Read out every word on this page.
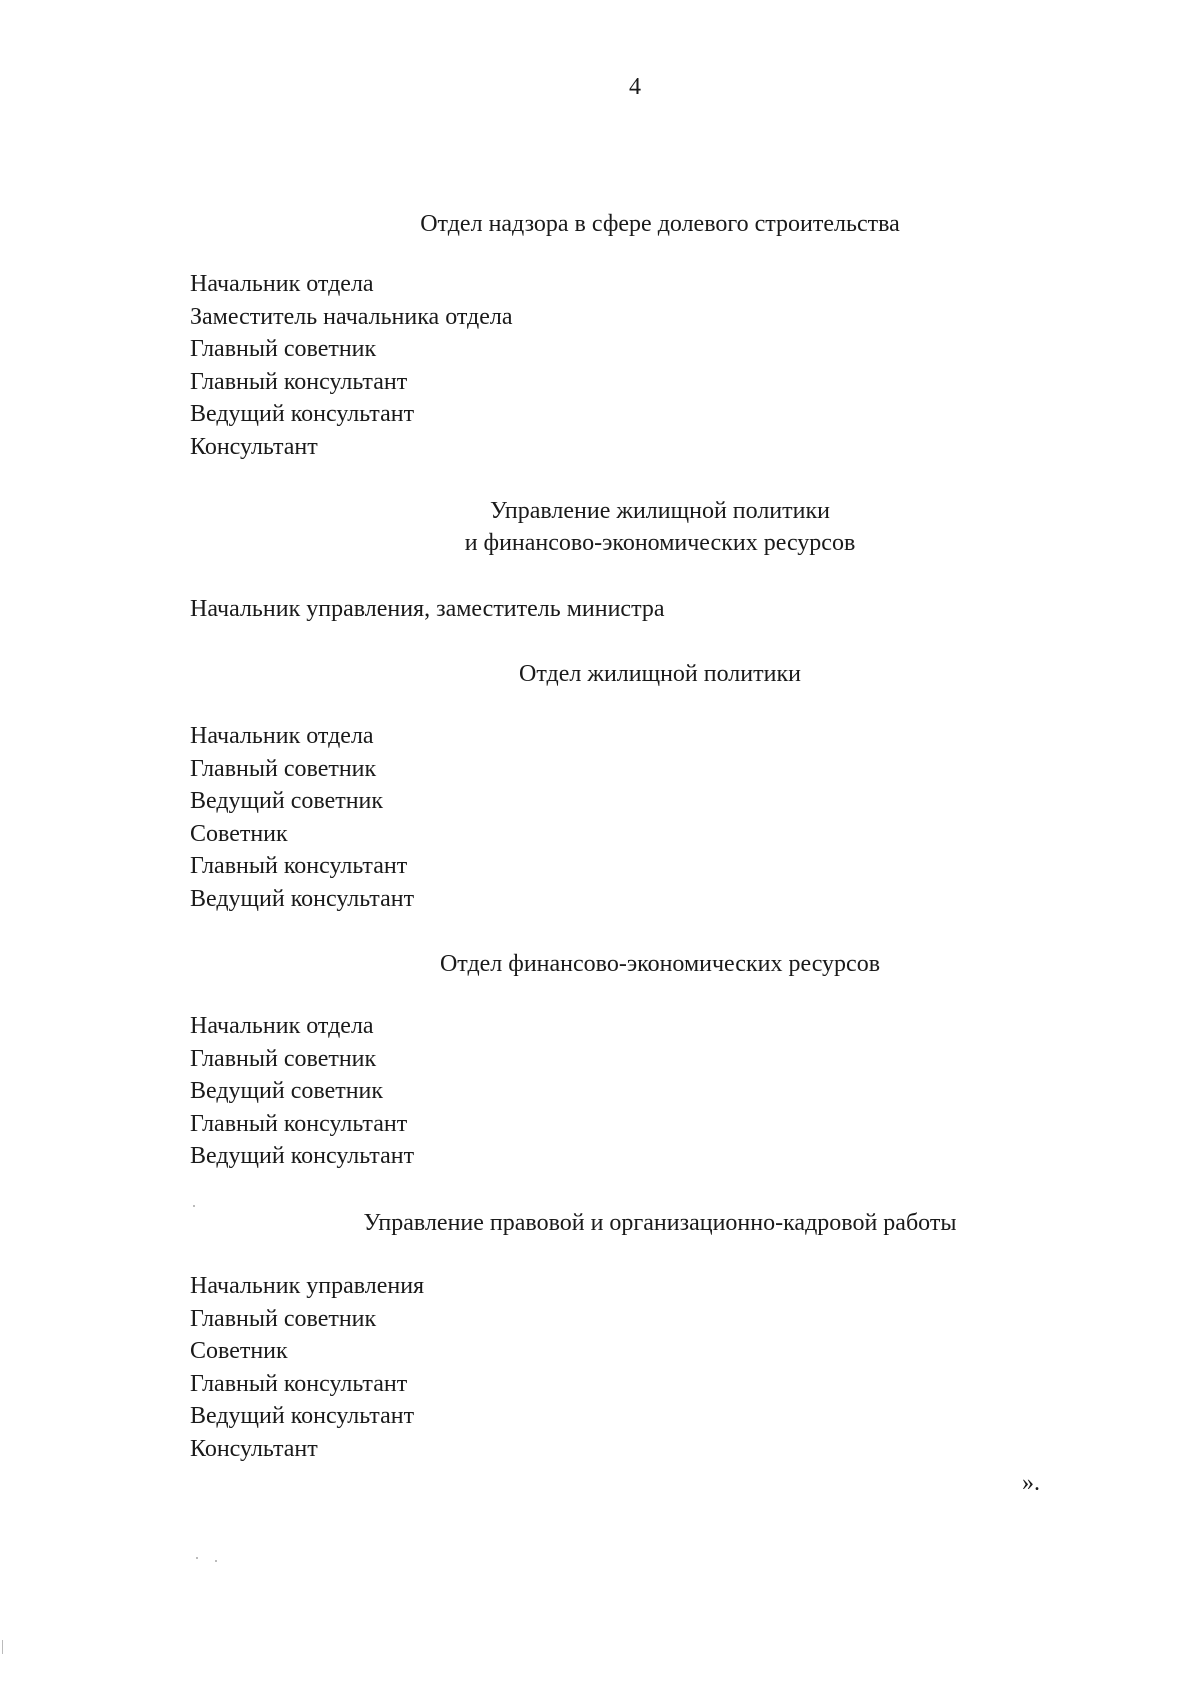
4
Отдел надзора в сфере долевого строительства
Начальник отдела
Заместитель начальника отдела
Главный советник
Главный консультант
Ведущий консультант
Консультант
Управление жилищной политики
и финансово-экономических ресурсов
Начальник управления, заместитель министра
Отдел жилищной политики
Начальник отдела
Главный советник
Ведущий советник
Советник
Главный консультант
Ведущий консультант
Отдел финансово-экономических ресурсов
Начальник отдела
Главный советник
Ведущий советник
Главный консультант
Ведущий консультант
Управление правовой и организационно-кадровой работы
Начальник управления
Главный советник
Советник
Главный консультант
Ведущий консультант
Консультант
».
